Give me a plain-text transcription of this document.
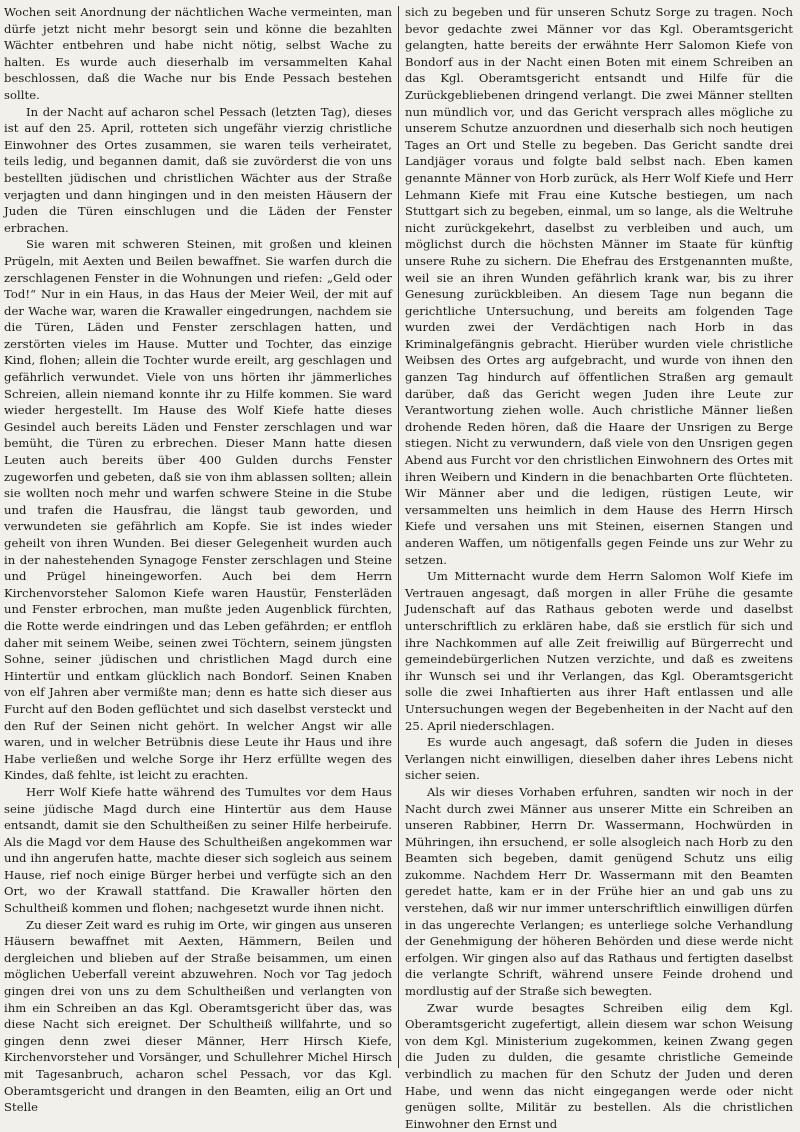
Wochen seit Anordnung der nächtlichen Wache vermeinten, man dürfe jetzt nicht mehr besorgt sein und könne die bezahlten Wächter entbehren und habe nicht nötig, selbst Wache zu halten. Es wurde auch dieserhalb im versammelten Kahal beschlossen, daß die Wache nur bis Ende Pessach bestehen sollte.

In der Nacht auf acharon schel Pessach (letzten Tag), dieses ist auf den 25. April, rotteten sich ungefähr vierzig christliche Einwohner des Ortes zusammen, sie waren teils verheiratet, teils ledig, und begannen damit, daß sie zuvörderst die von uns bestellten jüdischen und christlichen Wächter aus der Straße verjagten und dann hingingen und in den meisten Häusern der Juden die Türen einschlugen und die Läden der Fenster erbrachen.

Sie waren mit schweren Steinen, mit großen und kleinen Prügeln, mit Aexten und Beilen bewaffnet. Sie warfen durch die zerschlagenen Fenster in die Wohnungen und riefen: „Geld oder Tod!“ Nur in ein Haus, in das Haus der Meier Weil, der mit auf der Wache war, waren die Krawaller eingedrungen, nachdem sie die Türen, Läden und Fenster zerschlagen hatten, und zerstörten vieles im Hause. Mutter und Tochter, das einzige Kind, flohen; allein die Tochter wurde ereilt, arg geschlagen und gefährlich verwundet. Viele von uns hörten ihr jämmerliches Schreien, allein niemand konnte ihr zu Hilfe kommen. Sie ward wieder hergestellt. Im Hause des Wolf Kiefe hatte dieses Gesindel auch bereits Läden und Fenster zerschlagen und war bemüht, die Türen zu erbrechen. Dieser Mann hatte diesen Leuten auch bereits über 400 Gulden durchs Fenster zugeworfen und gebeten, daß sie von ihm ablassen sollten; allein sie wollten noch mehr und warfen schwere Steine in die Stube und trafen die Hausfrau, die längst taub geworden, und verwundeten sie gefährlich am Kopfe. Sie ist indes wieder geheilt von ihren Wunden. Bei dieser Gelegenheit wurden auch in der nahestehenden Synagoge Fenster zerschlagen und Steine und Prügel hineingeworfen. Auch bei dem Herrn Kirchenvorsteher Salomon Kiefe waren Haustür, Fensterläden und Fenster erbrochen, man mußte jeden Augenblick fürchten, die Rotte werde eindringen und das Leben gefährden; er entfloh daher mit seinem Weibe, seinen zwei Töchtern, seinem jüngsten Sohne, seiner jüdischen und christlichen Magd durch eine Hintertür und entkam glücklich nach Bondorf. Seinen Knaben von elf Jahren aber vermißte man; denn es hatte sich dieser aus Furcht auf den Boden geflüchtet und sich daselbst versteckt und den Ruf der Seinen nicht gehört. In welcher Angst wir alle waren, und in welcher Betrübnis diese Leute ihr Haus und ihre Habe verließen und welche Sorge ihr Herz erfüllte wegen des Kindes, daß fehlte, ist leicht zu erachten.

Herr Wolf Kiefe hatte während des Tumultes vor dem Haus seine jüdische Magd durch eine Hintertür aus dem Hause entsandt, damit sie den Schultheißen zu seiner Hilfe herbeirufe. Als die Magd vor dem Hause des Schultheißen angekommen war und ihn angerufen hatte, machte dieser sich sogleich aus seinem Hause, rief noch einige Bürger herbei und verfügte sich an den Ort, wo der Krawall stattfand. Die Krawaller hörten den Schultheiß kommen und flohen; nachgesetzt wurde ihnen nicht.

Zu dieser Zeit ward es ruhig im Orte, wir gingen aus unseren Häusern bewaffnet mit Aexten, Hämmern, Beilen und dergleichen und blieben auf der Straße beisammen, um einen möglichen Ueberfall vereint abzuwehren. Noch vor Tag jedoch gingen drei von uns zu dem Schultheißen und verlangten von ihm ein Schreiben an das Kgl. Oberamtsgericht über das, was diese Nacht sich ereignet. Der Schultheiß willfahrte, und so gingen denn zwei dieser Männer, Herr Hirsch Kiefe, Kirchenvorsteher und Vorsänger, und Schullehrer Michel Hirsch mit Tagesanbruch, acharon schel Pessach, vor das Kgl. Oberamtsgericht und drangen in den Beamten, eilig an Ort und Stelle

sich zu begeben und für unseren Schutz Sorge zu tragen. Noch bevor gedachte zwei Männer vor das Kgl. Oberamtsgericht gelangten, hatte bereits der erwähnte Herr Salomon Kiefe von Bondorf aus in der Nacht einen Boten mit einem Schreiben an das Kgl. Oberamtsgericht entsandt und Hilfe für die Zurückgebliebenen dringend verlangt. Die zwei Männer stellten nun mündlich vor, und das Gericht versprach alles mögliche zu unserem Schutze anzuordnen und dieserhalb sich noch heutigen Tages an Ort und Stelle zu begeben. Das Gericht sandte drei Landjäger voraus und folgte bald selbst nach. Eben kamen genannte Männer von Horb zurück, als Herr Wolf Kiefe und Herr Lehmann Kiefe mit Frau eine Kutsche bestiegen, um nach Stuttgart sich zu begeben, einmal, um so lange, als die Weltruhe nicht zurückgekehrt, daselbst zu verbleiben und auch, um möglichst durch die höchsten Männer im Staate für künftig unsere Ruhe zu sichern. Die Ehefrau des Erstgenannten mußte, weil sie an ihren Wunden gefährlich krank war, bis zu ihrer Genesung zurückbleiben. An diesem Tage nun begann die gerichtliche Untersuchung, und bereits am folgenden Tage wurden zwei der Verdächtigen nach Horb in das Kriminalgefängnis gebracht. Hierüber wurden viele christliche Weibsen des Ortes arg aufgebracht, und wurde von ihnen den ganzen Tag hindurch auf öffentlichen Straßen arg gemault darüber, daß das Gericht wegen Juden ihre Leute zur Verantwortung ziehen wolle. Auch christliche Männer ließen drohende Reden hören, daß die Haare der Unsrigen zu Berge stiegen. Nicht zu verwundern, daß viele von den Unsrigen gegen Abend aus Furcht vor den christlichen Einwohnern des Ortes mit ihren Weibern und Kindern in die benachbarten Orte flüchteten. Wir Männer aber und die ledigen, rüstigen Leute, wir versammelten uns heimlich in dem Hause des Herrn Hirsch Kiefe und versahen uns mit Steinen, eisernen Stangen und anderen Waffen, um nötigenfalls gegen Feinde uns zur Wehr zu setzen.

Um Mitternacht wurde dem Herrn Salomon Wolf Kiefe im Vertrauen angesagt, daß morgen in aller Frühe die gesamte Judenschaft auf das Rathaus geboten werde und daselbst unterschriftlich zu erklären habe, daß sie erstlich für sich und ihre Nachkommen auf alle Zeit freiwillig auf Bürgerrecht und gemeindebürgerlichen Nutzen verzichte, und daß es zweitens ihr Wunsch sei und ihr Verlangen, das Kgl. Oberamtsgericht solle die zwei Inhaftierten aus ihrer Haft entlassen und alle Untersuchungen wegen der Begebenheiten in der Nacht auf den 25. April niederschlagen.

Es wurde auch angesagt, daß sofern die Juden in dieses Verlangen nicht einwilligen, dieselben daher ihres Lebens nicht sicher seien.

Als wir dieses Vorhaben erfuhren, sandten wir noch in der Nacht durch zwei Männer aus unserer Mitte ein Schreiben an unseren Rabbiner, Herrn Dr. Wassermann, Hochwürden in Mühringen, ihn ersuchend, er solle alsogleich nach Horb zu den Beamten sich begeben, damit genügend Schutz uns eilig zukomme. Nachdem Herr Dr. Wassermann mit den Beamten geredet hatte, kam er in der Frühe hier an und gab uns zu verstehen, daß wir nur immer unterschriftlich einwilligen dürfen in das ungerechte Verlangen; es unterliege solche Verhandlung der Genehmigung der höheren Behörden und diese werde nicht erfolgen. Wir gingen also auf das Rathaus und fertigten daselbst die verlangte Schrift, während unsere Feinde drohend und mordlustig auf der Straße sich bewegten.

Zwar wurde besagtes Schreiben eilig dem Kgl. Oberamtsgericht zugefertigt, allein diesem war schon Weisung von dem Kgl. Ministerium zugekommen, keinen Zwang gegen die Juden zu dulden, die gesamte christliche Gemeinde verbindlich zu machen für den Schutz der Juden und deren Habe, und wenn das nicht eingegangen werde oder nicht genügen sollte, Militär zu bestellen. Als die christlichen Einwohner den Ernst und
